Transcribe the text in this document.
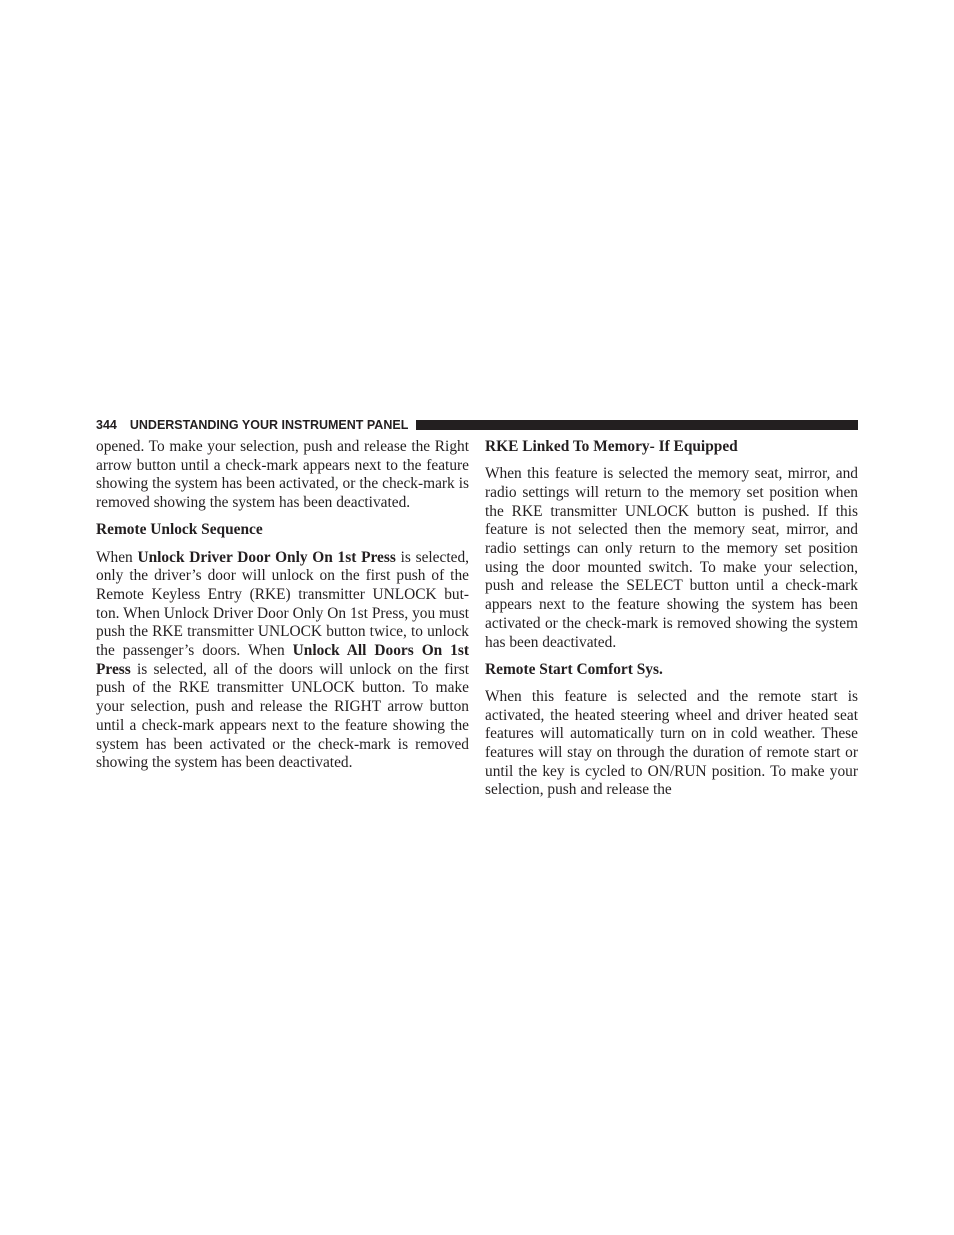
344 UNDERSTANDING YOUR INSTRUMENT PANEL

opened. To make your selection, push and release the Right arrow button until a check-mark appears next to the feature showing the system has been activated, or the check-mark is removed showing the system has been deactivated.

Remote Unlock Sequence

When Unlock Driver Door Only On 1st Press is selected, only the driver’s door will unlock on the first push of the Remote Keyless Entry (RKE) transmitter UNLOCK but-ton. When Unlock Driver Door Only On 1st Press, you must push the RKE transmitter UNLOCK button twice, to unlock the passenger’s doors. When Unlock All Doors On 1st Press is selected, all of the doors will unlock on the first push of the RKE transmitter UNLOCK button. To make your selection, push and release the RIGHT arrow button until a check-mark appears next to the feature showing the system has been activated or the check-mark is removed showing the system has been deactivated.

RKE Linked To Memory- If Equipped

When this feature is selected the memory seat, mirror, and radio settings will return to the memory set position when the RKE transmitter UNLOCK button is pushed. If this feature is not selected then the memory seat, mirror, and radio settings can only return to the memory set position using the door mounted switch. To make your selection, push and release the SELECT button until a check-mark appears next to the feature showing the system has been activated or the check-mark is removed showing the system has been deactivated.

Remote Start Comfort Sys.

When this feature is selected and the remote start is activated, the heated steering wheel and driver heated seat features will automatically turn on in cold weather. These features will stay on through the duration of remote start or until the key is cycled to ON/RUN position. To make your selection, push and release the
